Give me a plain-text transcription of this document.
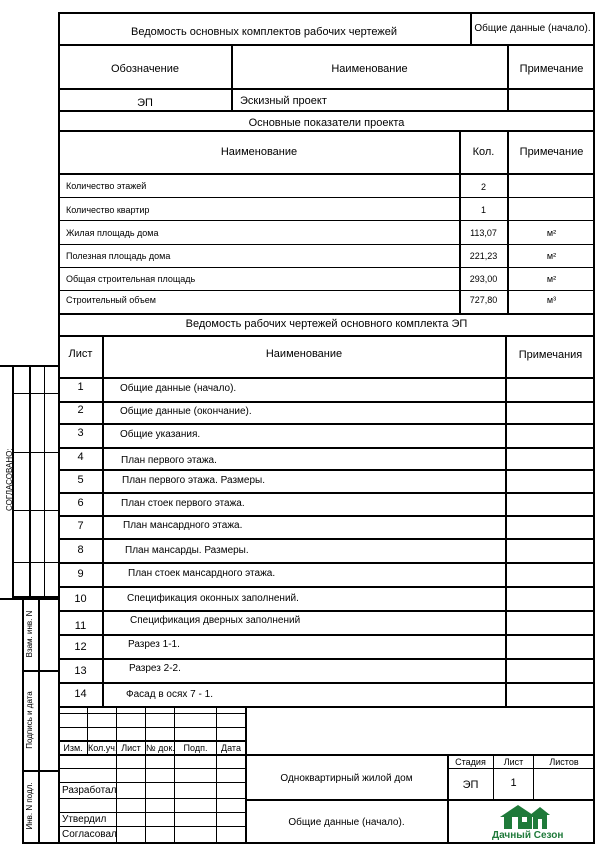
Ведомость основных комплектов рабочих чертежей	Общие данные (начало).
Обозначение	Наименование	Примечание
ЭП	Эскизный проект
Основные показатели проекта
Наименование	Кол.	Примечание
Количество этажей	2
Количество квартир	1
Жилая площадь дома	113,07	м²
Полезная площадь дома	221,23	м²
Общая строительная площадь	293,00	м²
Строительный объем	727,80	м³
Ведомость рабочих чертежей основного комплекта ЭП
Лист	Наименование	Примечания
1	Общие данные (начало).
2	Общие данные (окончание).
3	Общие указания.
4	План первого этажа.
5	План первого этажа. Размеры.
6	План стоек первого этажа.
7	План мансардного этажа.
8	План мансарды. Размеры.
9	План стоек мансардного этажа.
10	Спецификация оконных заполнений.
11	Спецификация дверных заполнений
12	Разрез 1-1.
13	Разрез 2-2.
14	Фасад в осях 7 - 1.
Изм. Кол.уч. Лист № док. Подп.	Дата
Разработал
Утвердил
Согласовал
Одноквартирный жилой дом
Общие данные (начало).
Стадия	Лист	Листов
ЭП	1
Дачный Сезон
СОГЛАСОВАНО:
Взам. инв. N
Подпись и дата
Инв. N подл.
